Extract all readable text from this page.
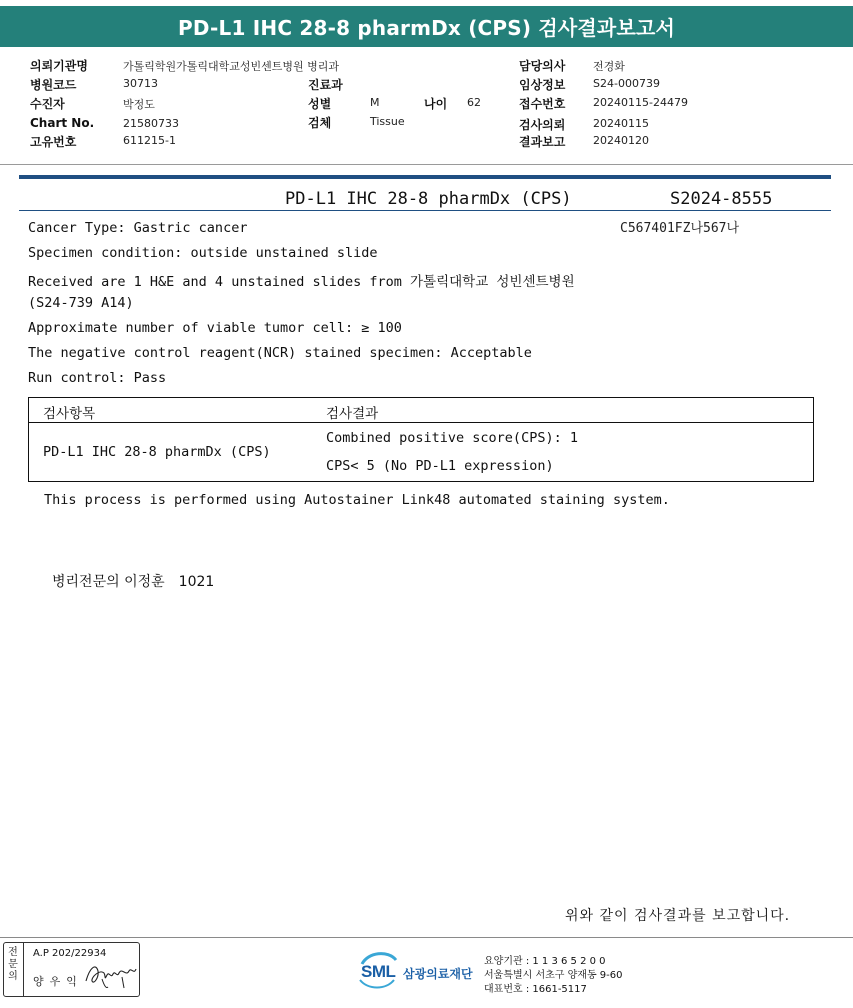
PD-L1 IHC 28-8 pharmDx (CPS) 검사결과보고서
의뢰기관명	가톨릭학원가톨릭대학교성빈센트병원 병리과
병원코드	30713
수진자	박정도
Chart No.	21580733
고유번호	611215-1
진료과
성별	M	나이 62
검체	Tissue
담당의사	전경화
임상정보	S24-000739
접수번호	20240115-24479
검사의뢰	20240115
결과보고	20240120
PD-L1 IHC 28-8 pharmDx (CPS)	S2024-8555
C567401FZ나567나
Cancer Type: Gastric cancer
Specimen condition: outside unstained slide
Received are 1 H&E and 4 unstained slides from 가톨릭대학교 성빈센트병원
(S24-739 A14)
Approximate number of viable tumor cell: ≥ 100
The negative control reagent(NCR) stained specimen: Acceptable
Run control: Pass
검사항목	검사결과
PD-L1 IHC 28-8 pharmDx (CPS)
Combined positive score(CPS): 1
CPS< 5 (No PD-L1 expression)
This process is performed using Autostainer Link48 automated staining system.
병리전문의 이정훈 1021
위와 같이 검사결과를 보고합니다.
전
문
의
A.P 202/22934
양우익
SML 삼광의료재단
요양기관 : 1 1 3 6 5 2 0 0
서울특별시 서초구 양재동 9-60
대표번호 : 1661-5117
